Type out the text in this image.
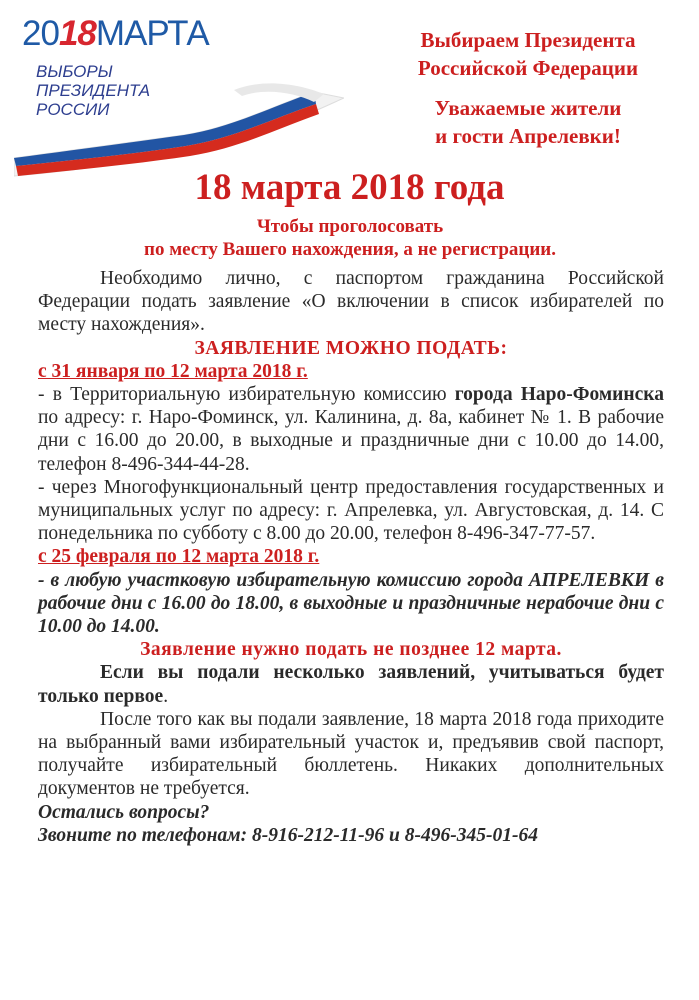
2018МАРТА
ВЫБОРЫ
ПРЕЗИДЕНТА
РОССИИ
Выбираем Президента
Российской Федерации
Уважаемые жители
и гости Апрелевки!
18 марта 2018 года
Чтобы проголосовать
по месту Вашего нахождения, а не регистрации.

Необходимо лично, с паспортом гражданина Российской Федерации подать заявление «О включении в список избирателей по месту нахождения».

ЗАЯВЛЕНИЕ МОЖНО ПОДАТЬ:

с 31 января по 12 марта 2018 г.

- в Территориальную избирательную комиссию города Наро-Фоминска по адресу: г. Наро-Фоминск, ул. Калинина, д. 8а, кабинет № 1. В рабочие дни с 16.00 до 20.00, в выходные и праздничные дни с 10.00 до 14.00, телефон 8-496-344-44-28.

- через Многофункциональный центр предоставления государственных и муниципальных услуг по адресу: г. Апрелевка, ул. Августовская, д. 14. С понедельника по субботу с 8.00 до 20.00, телефон 8-496-347-77-57.

с 25 февраля по 12 марта 2018 г.

- в любую участковую избирательную комиссию города АПРЕЛЕВКИ в рабочие дни с 16.00 до 18.00, в выходные и праздничные нерабочие дни с 10.00 до 14.00.

Заявление нужно подать не позднее 12 марта.

Если вы подали несколько заявлений, учитываться будет только первое.

После того как вы подали заявление, 18 марта 2018 года приходите на выбранный вами избирательный участок и, предъявив свой паспорт, получайте избирательный бюллетень. Никаких дополнительных документов не требуется.

Остались вопросы?

Звоните по телефонам: 8-916-212-11-96 и 8-496-345-01-64
